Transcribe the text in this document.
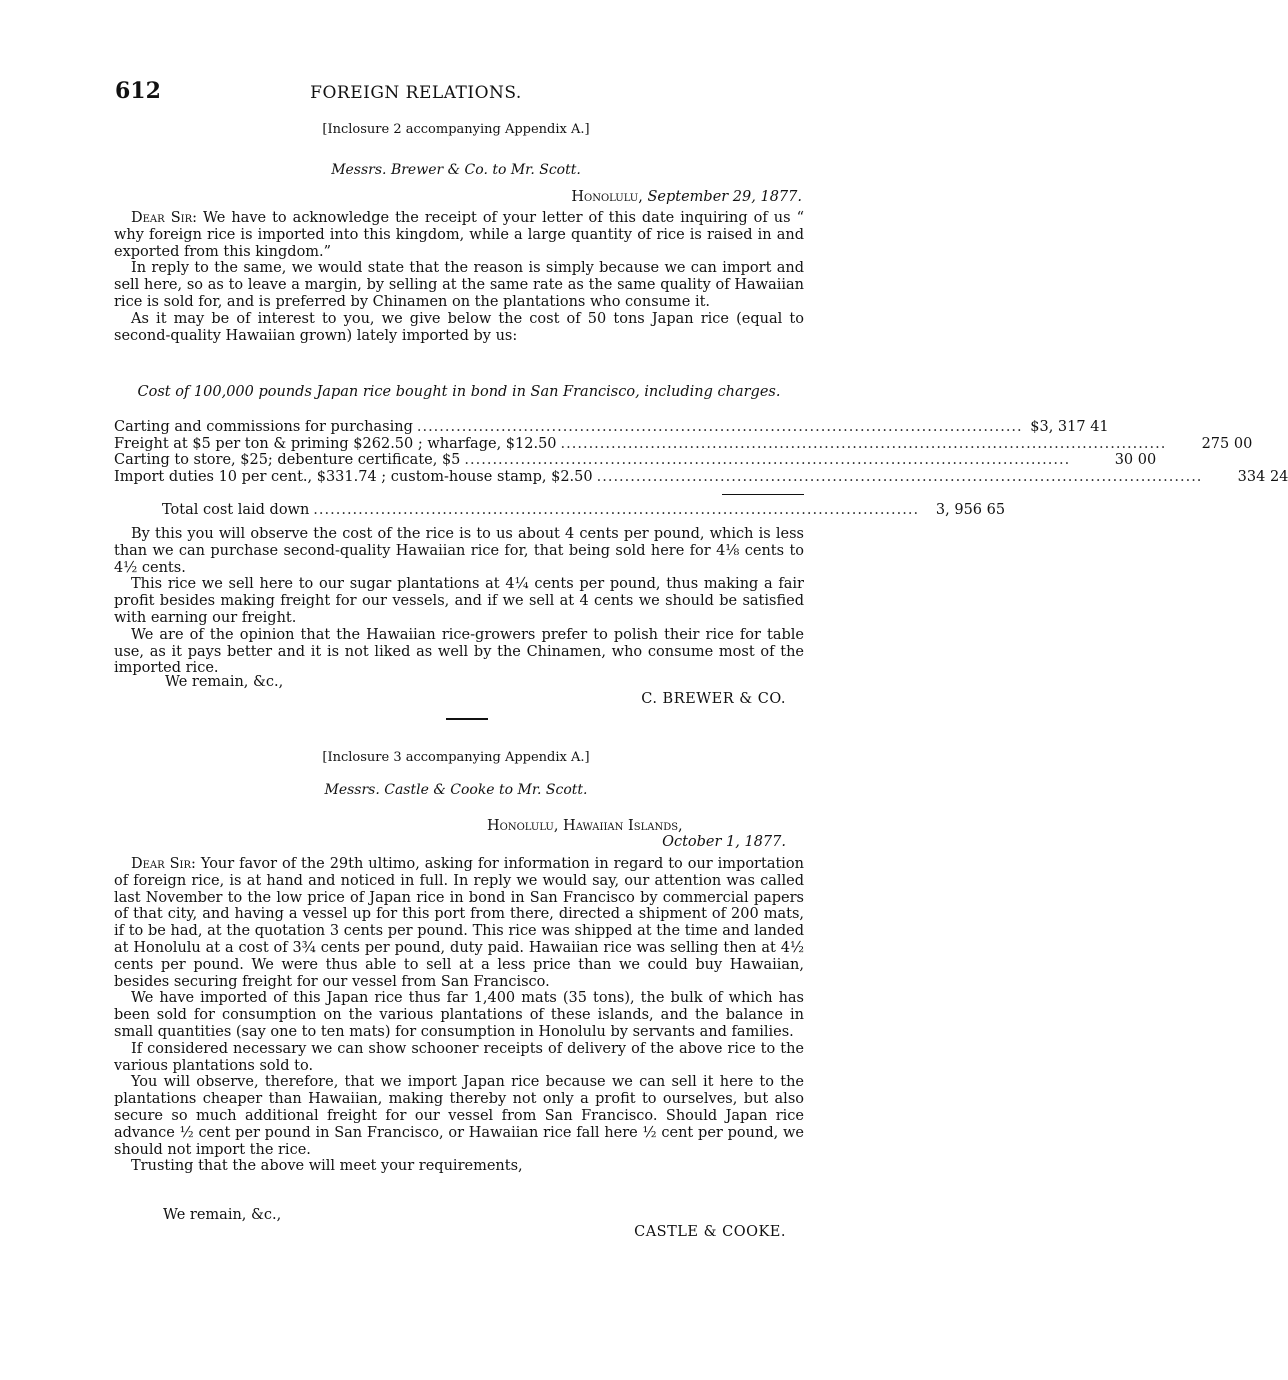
612	FOREIGN RELATIONS.
[Inclosure 2 accompanying Appendix A.]
Messrs. Brewer & Co. to Mr. Scott.
Honolulu, September 29, 1877.

Dear Sir: We have to acknowledge the receipt of your letter of this date inquiring of us “ why foreign rice is imported into this kingdom, while a large quantity of rice is raised in and exported from this kingdom.”

In reply to the same, we would state that the reason is simply because we can import and sell here, so as to leave a margin, by selling at the same rate as the same quality of Hawaiian rice is sold for, and is preferred by Chinamen on the plantations who consume it.

As it may be of interest to you, we give below the cost of 50 tons Japan rice (equal to second-quality Hawaiian grown) lately imported by us:

Cost of 100,000 pounds Japan rice bought in bond in San Francisco, including charges.
Carting and commissions for purchasing ............................................................................................................ $3, 317 41
Freight at $5 per ton & priming $262.50 ; wharfage, $12.50 ............................................................................................................	275 00
Carting to store, $25; debenture certificate, $5 ............................................................................................................	30 00
Import duties 10 per cent., $331.74 ; custom-house stamp, $2.50 ............................................................................................................	334 24
Total cost laid down ............................................................................................................	3, 956 65

By this you will observe the cost of the rice is to us about 4 cents per pound, which is less than we can purchase second-quality Hawaiian rice for, that being sold here for 4⅛ cents to 4½ cents.

This rice we sell here to our sugar plantations at 4¼ cents per pound, thus making a fair profit besides making freight for our vessels, and if we sell at 4 cents we should be satisfied with earning our freight.

We are of the opinion that the Hawaiian rice-growers prefer to polish their rice for table use, as it pays better and it is not liked as well by the Chinamen, who consume most of the imported rice.

We remain, &c.,
C. BREWER & CO.
[Inclosure 3 accompanying Appendix A.]
Messrs. Castle & Cooke to Mr. Scott.
Honolulu, Hawaiian Islands,
October 1, 1877.

Dear Sir: Your favor of the 29th ultimo, asking for information in regard to our importation of foreign rice, is at hand and noticed in full. In reply we would say, our attention was called last November to the low price of Japan rice in bond in San Francisco by commercial papers of that city, and having a vessel up for this port from there, directed a shipment of 200 mats, if to be had, at the quotation 3 cents per pound. This rice was shipped at the time and landed at Honolulu at a cost of 3¾ cents per pound, duty paid. Hawaiian rice was selling then at 4½ cents per pound. We were thus able to sell at a less price than we could buy Hawaiian, besides securing freight for our vessel from San Francisco.

We have imported of this Japan rice thus far 1,400 mats (35 tons), the bulk of which has been sold for consumption on the various plantations of these islands, and the balance in small quantities (say one to ten mats) for consumption in Honolulu by servants and families.

If considered necessary we can show schooner receipts of delivery of the above rice to the various plantations sold to.

You will observe, therefore, that we import Japan rice because we can sell it here to the plantations cheaper than Hawaiian, making thereby not only a profit to ourselves, but also secure so much additional freight for our vessel from San Francisco. Should Japan rice advance ½ cent per pound in San Francisco, or Hawaiian rice fall here ½ cent per pound, we should not import the rice.

Trusting that the above will meet your requirements,

We remain, &c.,
CASTLE & COOKE.
